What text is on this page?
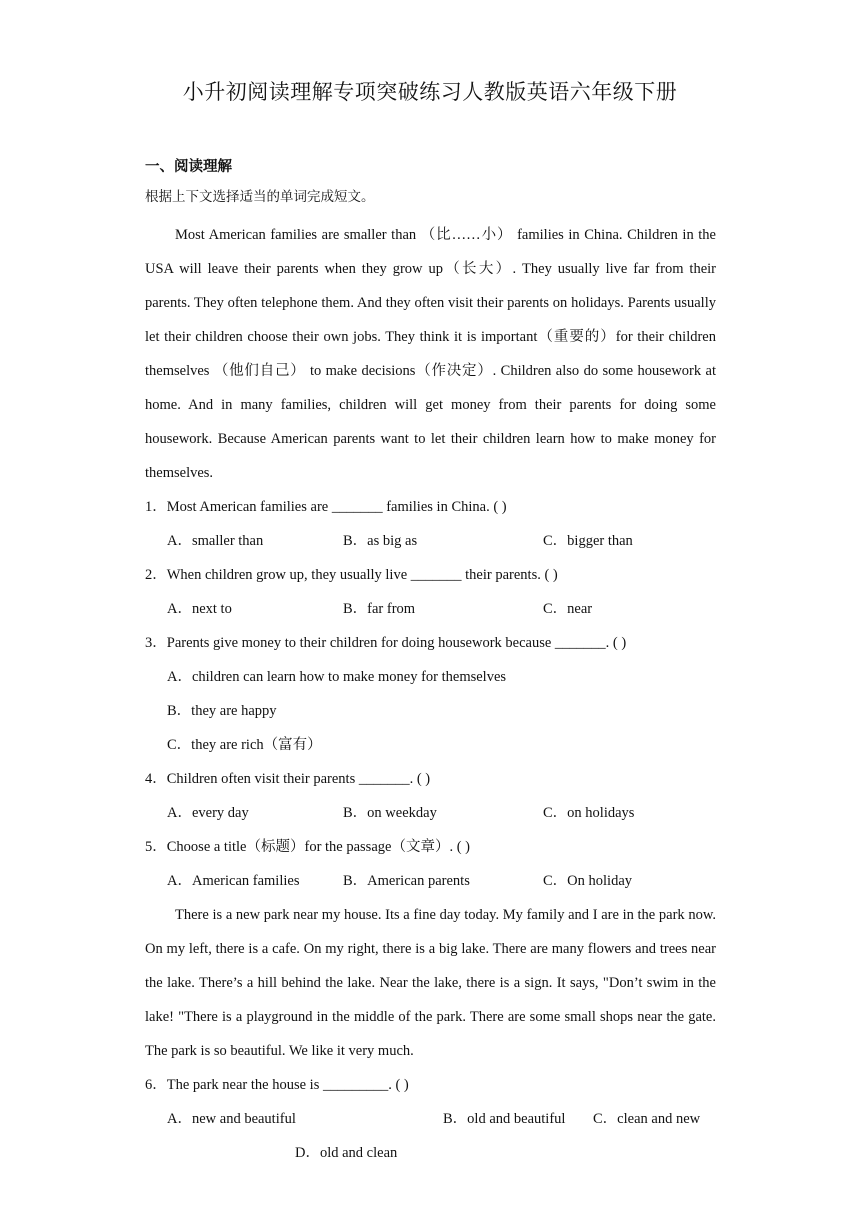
小升初阅读理解专项突破练习人教版英语六年级下册
一、阅读理解
根据上下文选择适当的单词完成短文。

Most American families are smaller than （比……小） families in China. Children in the USA will leave their parents when they grow up（长大）. They usually live far from their parents. They often telephone them. And they often visit their parents on holidays. Parents usually let their children choose their own jobs. They think it is important（重要的）for their children themselves （他们自己） to make decisions（作决定）. Children also do some housework at home. And in many families, children will get money from their parents for doing some housework. Because American parents want to let their children learn how to make money for themselves.

1．Most American families are _______ families in China. ( )
A．smaller than	B．as big as	C．bigger than
2．When children grow up, they usually live _______ their parents. ( )
A．next to	B．far from	C．near
3．Parents give money to their children for doing housework because _______. ( )
A．children can learn how to make money for themselves
B．they are happy
C．they are rich（富有）
4．Children often visit their parents _______. ( )
A．every day	B．on weekday	C．on holidays
5．Choose a title（标题）for the passage（文章）. ( )
A．American families	B．American parents	C．On holiday

There is a new park near my house. Its a fine day today. My family and I are in the park now. On my left, there is a cafe. On my right, there is a big lake. There are many flowers and trees near the lake. There’s a hill behind the lake. Near the lake, there is a sign. It says, "Don’t swim in the lake! "There is a playground in the middle of the park. There are some small shops near the gate. The park is so beautiful. We like it very much.

6．The park near the house is _________. ( )
A．new and beautiful	B．old and beautiful C．clean and new
D．old and clean
